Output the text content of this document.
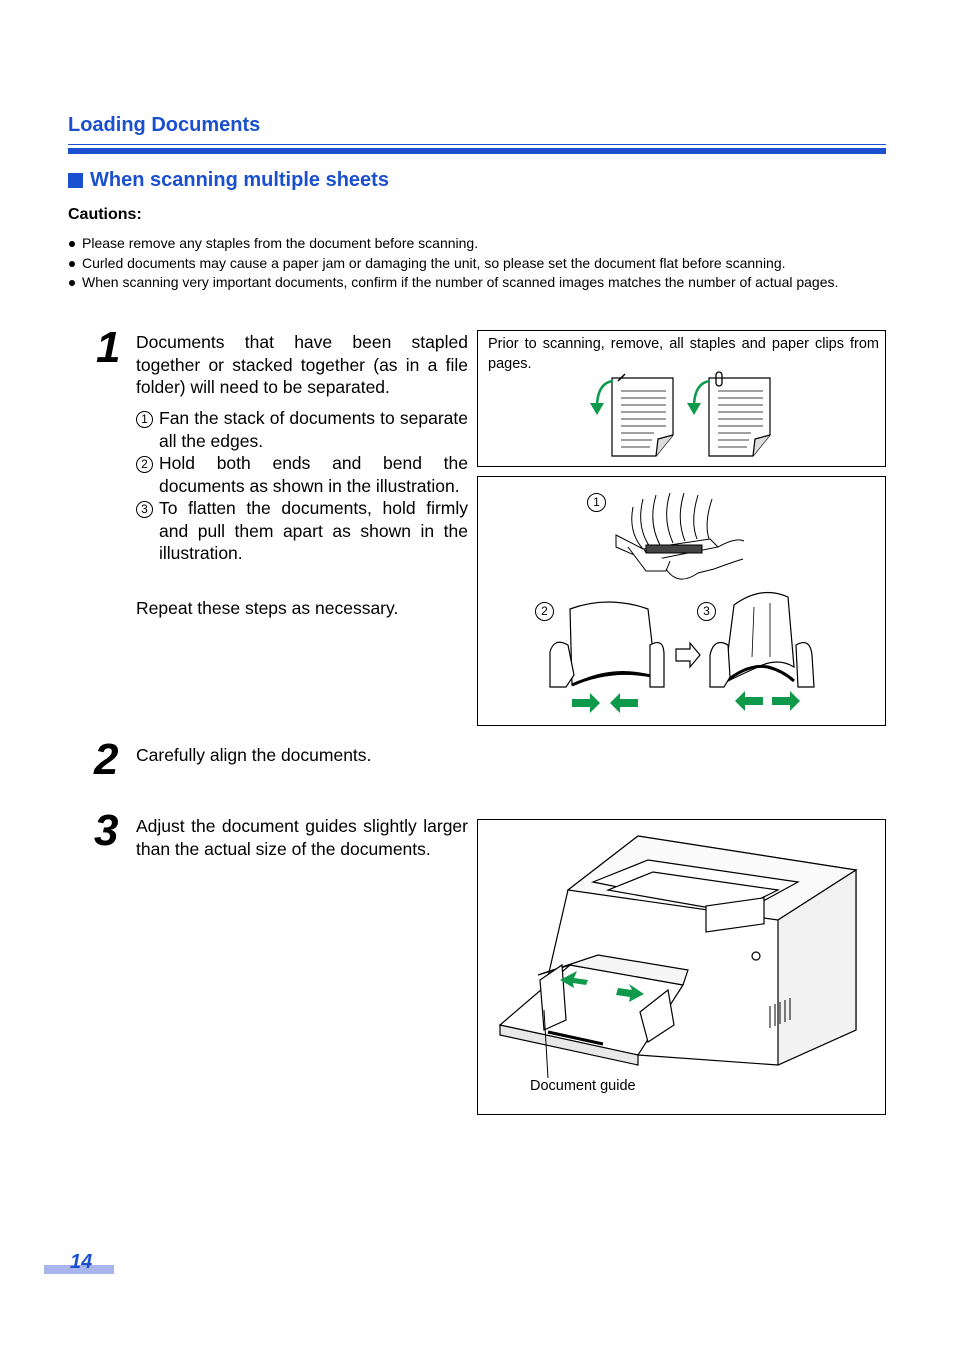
Loading Documents
When scanning multiple sheets
Cautions:
Please remove any staples from the document before scanning.
Curled documents may cause a paper jam or damaging the unit, so please set the document flat before scanning.
When scanning very important documents, confirm if the number of scanned images matches the number of actual pages.
1 Documents that have been stapled together or stacked together (as in a file folder) will need to be separated.
1 Fan the stack of documents to separate all the edges.
2 Hold both ends and bend the documents as shown in the illustration.
3 To flatten the documents, hold firmly and pull them apart as shown in the illustration.
Repeat these steps as necessary.
Prior to scanning, remove, all staples and paper clips from pages.
1
2	3
2 Carefully align the documents.
3 Adjust the document guides slightly larger than the actual size of the documents.
Document guide
14
